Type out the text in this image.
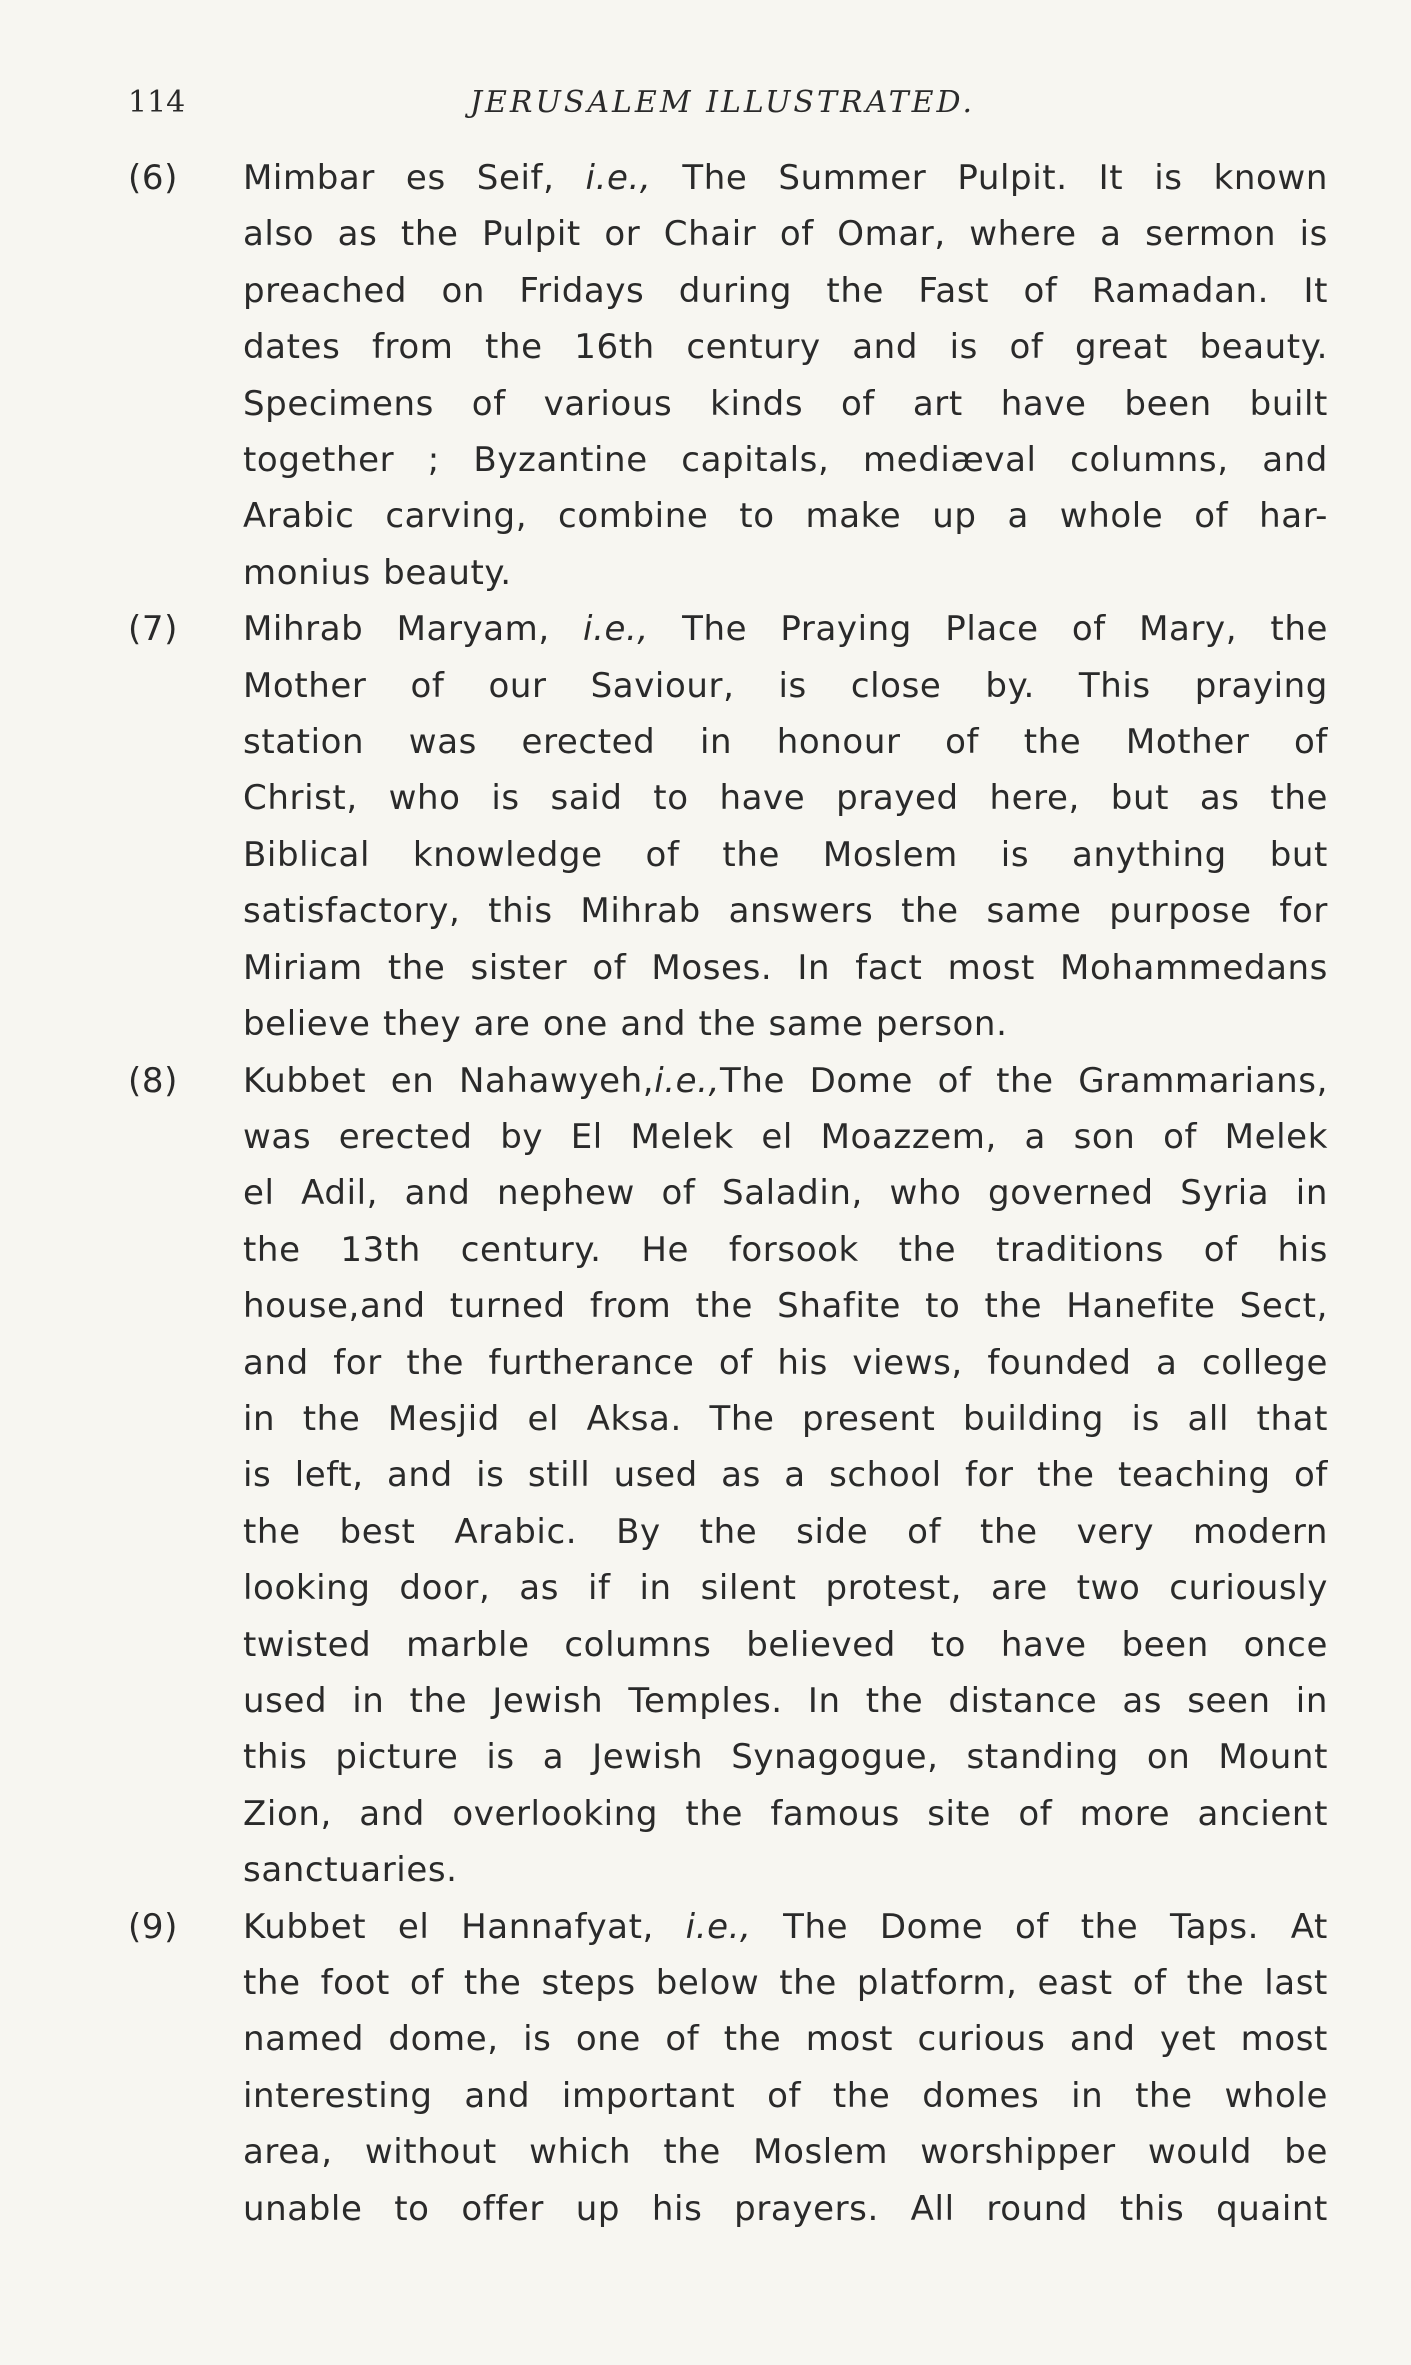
114	JERUSALEM ILLUSTRATED.
(6) Mimbar es Seif, i.e., The Summer Pulpit. It is known
also as the Pulpit or Chair of Omar, where a sermon is
preached on Fridays during the Fast of Ramadan. It
dates from the 16th century and is of great beauty.
Specimens of various kinds of art have been built
together ; Byzantine capitals, mediæval columns, and
Arabic carving, combine to make up a whole of har-
monius beauty.
(7) Mihrab Maryam, i.e., The Praying Place of Mary, the
Mother of our Saviour, is close by. This praying
station was erected in honour of the Mother of
Christ, who is said to have prayed here, but as the
Biblical knowledge of the Moslem is anything but
satisfactory, this Mihrab answers the same purpose for
Miriam the sister of Moses. In fact most Mohammedans
believe they are one and the same person.
(8) Kubbet en Nahawyeh,i.e.,The Dome of the Grammarians,
was erected by El Melek el Moazzem, a son of Melek
el Adil, and nephew of Saladin, who governed Syria in
the 13th century. He forsook the traditions of his
house,and turned from the Shafite to the Hanefite Sect,
and for the furtherance of his views, founded a college
in the Mesjid el Aksa. The present building is all that
is left, and is still used as a school for the teaching of
the best Arabic. By the side of the very modern
looking door, as if in silent protest, are two curiously
twisted marble columns believed to have been once
used in the Jewish Temples. In the distance as seen in
this picture is a Jewish Synagogue, standing on Mount
Zion, and overlooking the famous site of more ancient
sanctuaries.
(9) Kubbet el Hannafyat, i.e., The Dome of the Taps. At
the foot of the steps below the platform, east of the last
named dome, is one of the most curious and yet most
interesting and important of the domes in the whole
area, without which the Moslem worshipper would be
unable to offer up his prayers. All round this quaint
